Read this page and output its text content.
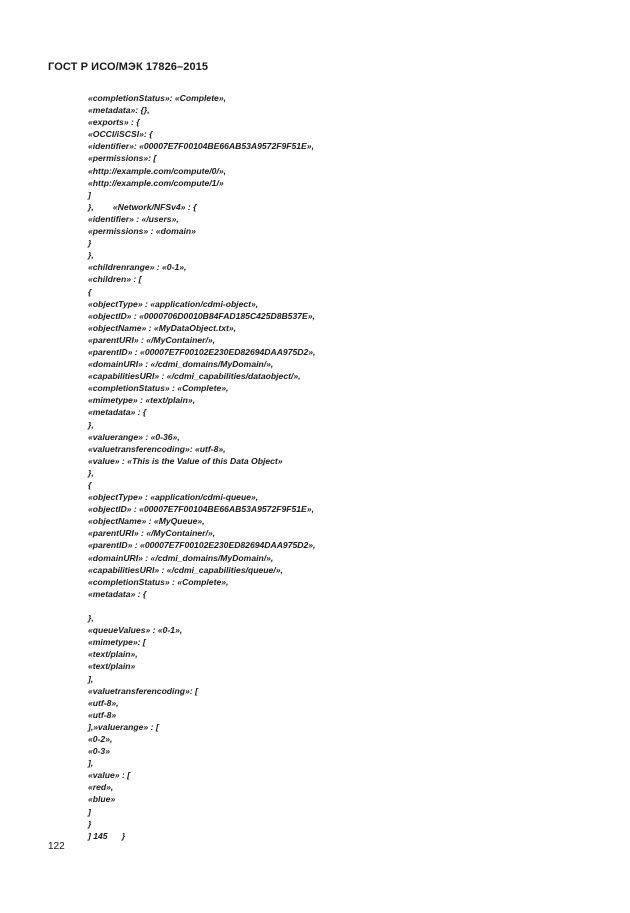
ГОСТ Р ИСО/МЭК 17826–2015
«completionStatus»: «Complete»,
«metadata»: {},
«exports» : {
«OCCI/iSCSI»: {
«identifier»: «00007E7F00104BE66AB53A9572F9F51E»,
«permissions»: [
«http://example.com/compute/0/»,
«http://example.com/compute/1/»
]
},        «Network/NFSv4» : {
«identifier» : «/users»,
«permissions» : «domain»
}
},
«childrenrange» : «0-1»,
«children» : [
{
«objectType» : «application/cdmi-object»,
«objectID» : «0000706D0010B84FAD185C425D8B537E»,
«objectName» : «MyDataObject.txt»,
«parentURI» : «/MyContainer/»,
«parentID» : «00007E7F00102E230ED82694DAA975D2»,
«domainURI» : «/cdmi_domains/MyDomain/»,
«capabilitiesURI» : «/cdmi_capabilities/dataobject/»,
«completionStatus» : «Complete»,
«mimetype» : «text/plain»,
«metadata» : {
},
«valuerange» : «0-36»,
«valuetransferencoding»: «utf-8»,
«value» : «This is the Value of this Data Object»
},
{
«objectType» : «application/cdmi-queue»,
«objectID» : «00007E7F00104BE66AB53A9572F9F51E»,
«objectName» : «MyQueue»,
«parentURI» : «/MyContainer/»,
«parentID» : «00007E7F00102E230ED82694DAA975D2»,
«domainURI» : «/cdmi_domains/MyDomain/»,
«capabilitiesURI» : «/cdmi_capabilities/queue/»,
«completionStatus» : «Complete»,
«metadata» : {
},
«queueValues» : «0-1»,
«mimetype»: [
«text/plain»,
«text/plain»
],
«valuetransferencoding»: [
«utf-8»,
«utf-8»
],»valuerange» : [
«0-2»,
«0-3»
],
«value» : [
«red»,
«blue»
]
}
] 145      }
122
